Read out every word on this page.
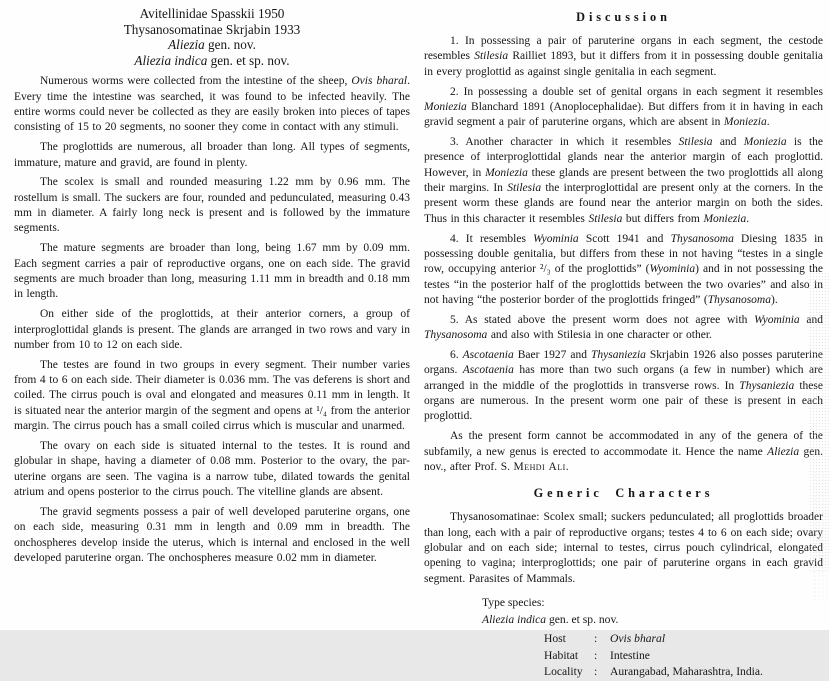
Avitellinidae Spasskii 1950

Thysanosomatinae Skrjabin 1933

Aliezia gen. nov.

Aliezia indica gen. et sp. nov.

Numerous worms were collected from the intestine of the sheep, Ovis bharal. Every time the intestine was searched, it was found to be infected heavily. The entire worms could never be collected as they are easily broken into pieces of tapes consisting of 15 to 20 segments, no sooner they come in contact with any stimuli.

The proglottids are numerous, all broader than long. All types of segments, immature, mature and gravid, are found in plenty.

The scolex is small and rounded measuring 1.22 mm by 0.96 mm. The rostellum is small. The suckers are four, rounded and pedunculated, measuring 0.43 mm in diameter. A fairly long neck is present and is followed by the immature segments.

The mature segments are broader than long, being 1.67 mm by 0.09 mm. Each segment carries a pair of reproductive organs, one on each side. The gravid segments are much broader than long, measuring 1.11 mm in breadth and 0.18 mm in length.

On either side of the proglottids, at their anterior corners, a group of interproglottidal glands is present. The glands are arranged in two rows and vary in number from 10 to 12 on each side.

The testes are found in two groups in every segment. Their number varies from 4 to 6 on each side. Their diameter is 0.036 mm. The vas deferens is short and coiled. The cirrus pouch is oval and elongated and measures 0.11 mm in length. It is situated near the anterior margin of the segment and opens at ¹/₄ from the anterior margin. The cirrus pouch has a small coiled cirrus which is muscular and unarmed.

The ovary on each side is situated internal to the testes. It is round and globular in shape, having a diameter of 0.08 mm. Posterior to the ovary, the par-uterine organs are seen. The vagina is a narrow tube, dilated towards the genital atrium and opens posterior to the cirrus pouch. The vitelline glands are absent.

The gravid segments possess a pair of well developed paruterine organs, one on each side, measuring 0.31 mm in length and 0.09 mm in breadth. The onchospheres develop inside the uterus, which is internal and enclosed in the well developed paruterine organ. The onchospheres measure 0.02 mm in diameter.

Discussion

1. In possessing a pair of paruterine organs in each segment, the cestode resembles Stilesia Railliet 1893, but it differs from it in possessing double genitalia in every proglottid as against single genitalia in each segment.

2. In possessing a double set of genital organs in each segment it resembles Moniezia Blanchard 1891 (Anoplocephalidae). But differs from it in having in each gravid segment a pair of paruterine organs, which are absent in Moniezia.

3. Another character in which it resembles Stilesia and Moniezia is the presence of interproglottidal glands near the anterior margin of each proglottid. However, in Moniezia these glands are present between the two proglottids all along their margins. In Stilesia the interproglottidal are present only at the corners. In the present worm these glands are found near the anterior margin on both the sides. Thus in this character it resembles Stilesia but differs from Moniezia.

4. It resembles Wyominia Scott 1941 and Thysanosoma Diesing 1835 in possessing double genitalia, but differs from these in not having “testes in a single row, occupying anterior ²/₃ of the proglottids” (Wyominia) and in not possessing the testes “in the posterior half of the proglottids between the two ovaries” and also in not having “the posterior border of the proglottids fringed” (Thysanosoma).

5. As stated above the present worm does not agree with Wyominia and Thysanosoma and also with Stilesia in one character or other.

6. Ascotaenia Baer 1927 and Thysaniezia Skrjabin 1926 also posses paruterine organs. Ascotaenia has more than two such organs (a few in number) which are arranged in the middle of the proglottids in transverse rows. In Thysaniezia these organs are numerous. In the present worm one pair of these is present in each proglottid.

As the present form cannot be accommodated in any of the genera of the subfamily, a new genus is erected to accommodate it. Hence the name Aliezia gen. nov., after Prof. S. Mehdi Ali.

Generic Characters

Thysanosomatinae: Scolex small; suckers pedunculated; all proglottids broader than long, each with a pair of reproductive organs; testes 4 to 6 on each side; ovary globular and on each side; internal to testes, cirrus pouch cylindrical, elongated opening to vagina; interproglottids; one pair of paruterine organs in each gravid segment. Parasites of Mammals.

Type species:

Aliezia indica gen. et sp. nov.

Host	:	Ovis bharal
Habitat	:	Intestine
Locality :	Aurangabad, Maharashtra, India.
